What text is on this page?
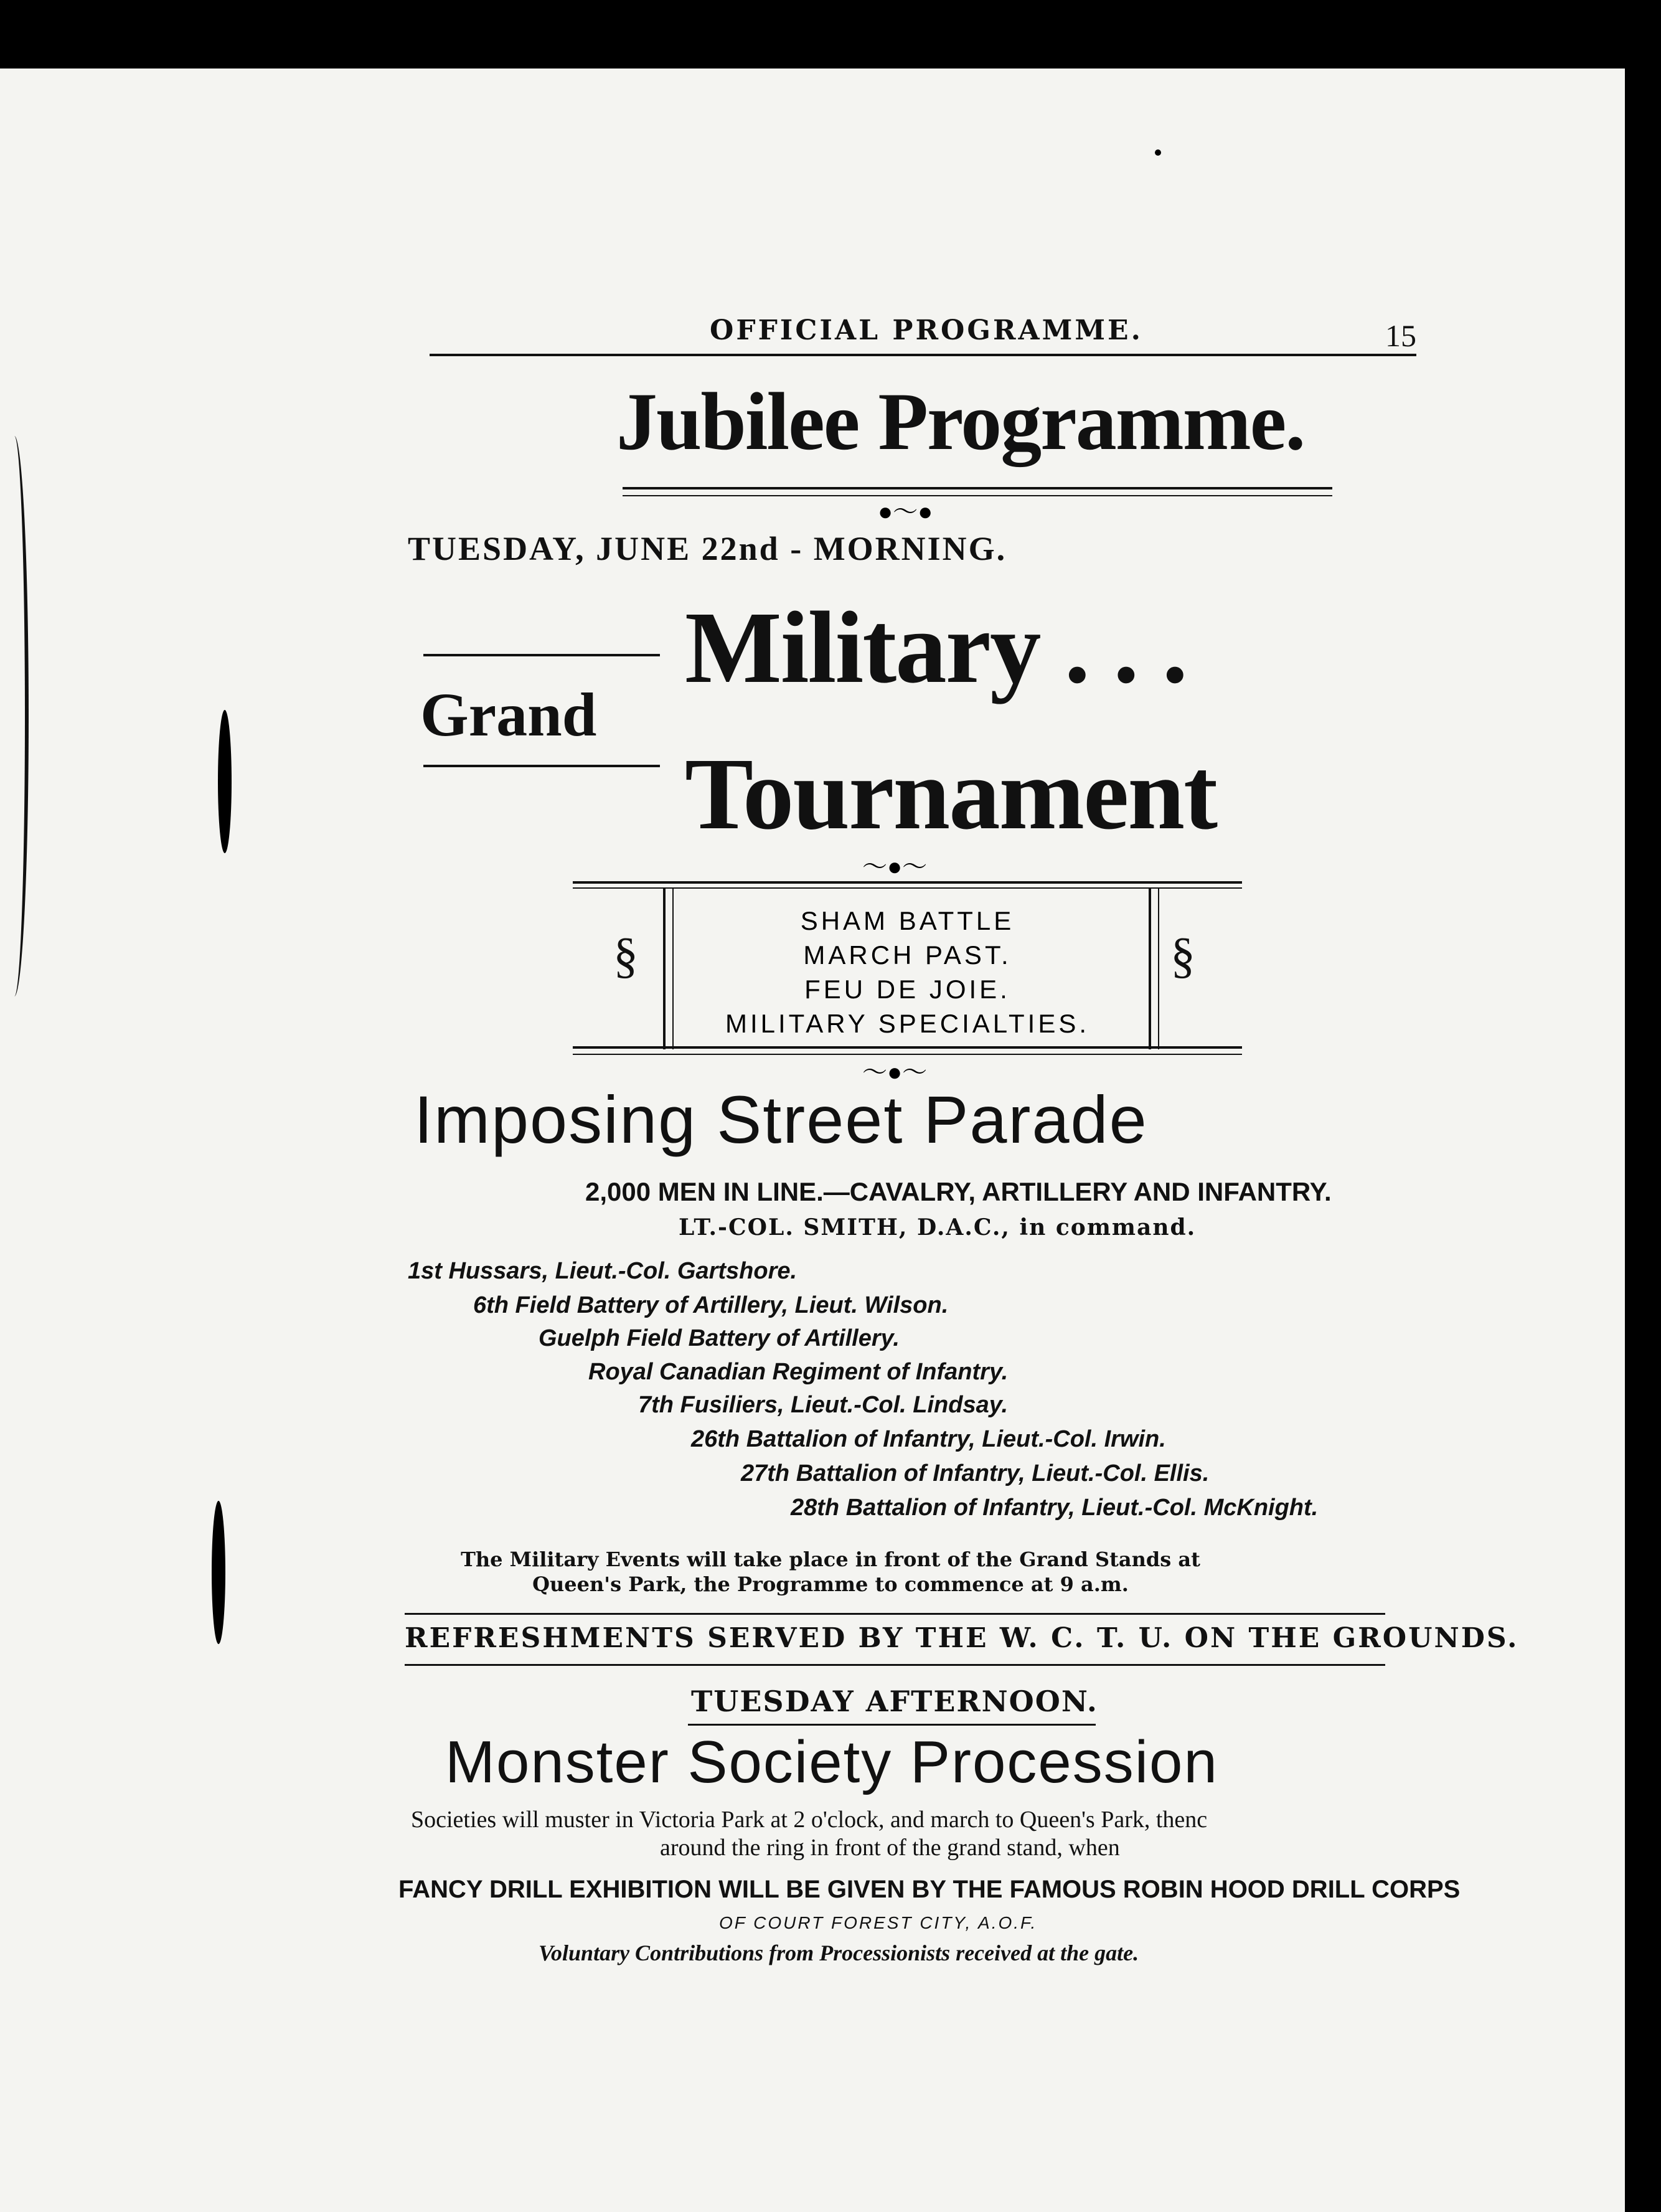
OFFICIAL PROGRAMME.	15
Jubilee Programme.
●〜●
TUESDAY, JUNE 22nd - MORNING.
Military . . .
Grand
Tournament
〜●〜
§	§
SHAM BATTLE
MARCH PAST.
FEU DE JOIE.
MILITARY SPECIALTIES.
〜●〜
Imposing Street Parade
2,000 MEN IN LINE.—CAVALRY, ARTILLERY AND INFANTRY.
LT.-COL. SMITH, D.A.C., in command.
1st Hussars, Lieut.-Col. Gartshore.
6th Field Battery of Artillery, Lieut. Wilson.
Guelph Field Battery of Artillery.
Royal Canadian Regiment of Infantry.
7th Fusiliers, Lieut.-Col. Lindsay.
26th Battalion of Infantry, Lieut.-Col. Irwin.
27th Battalion of Infantry, Lieut.-Col. Ellis.
28th Battalion of Infantry, Lieut.-Col. McKnight.
The Military Events will take place in front of the Grand Stands at
Queen's Park, the Programme to commence at 9 a.m.
REFRESHMENTS SERVED BY THE W. C. T. U. ON THE GROUNDS.
TUESDAY AFTERNOON.
Monster Society Procession
Societies will muster in Victoria Park at 2 o'clock, and march to Queen's Park, thenc
around the ring in front of the grand stand, when
FANCY DRILL EXHIBITION WILL BE GIVEN BY THE FAMOUS ROBIN HOOD DRILL CORPS
OF COURT FOREST CITY, A.O.F.
Voluntary Contributions from Processionists received at the gate.
